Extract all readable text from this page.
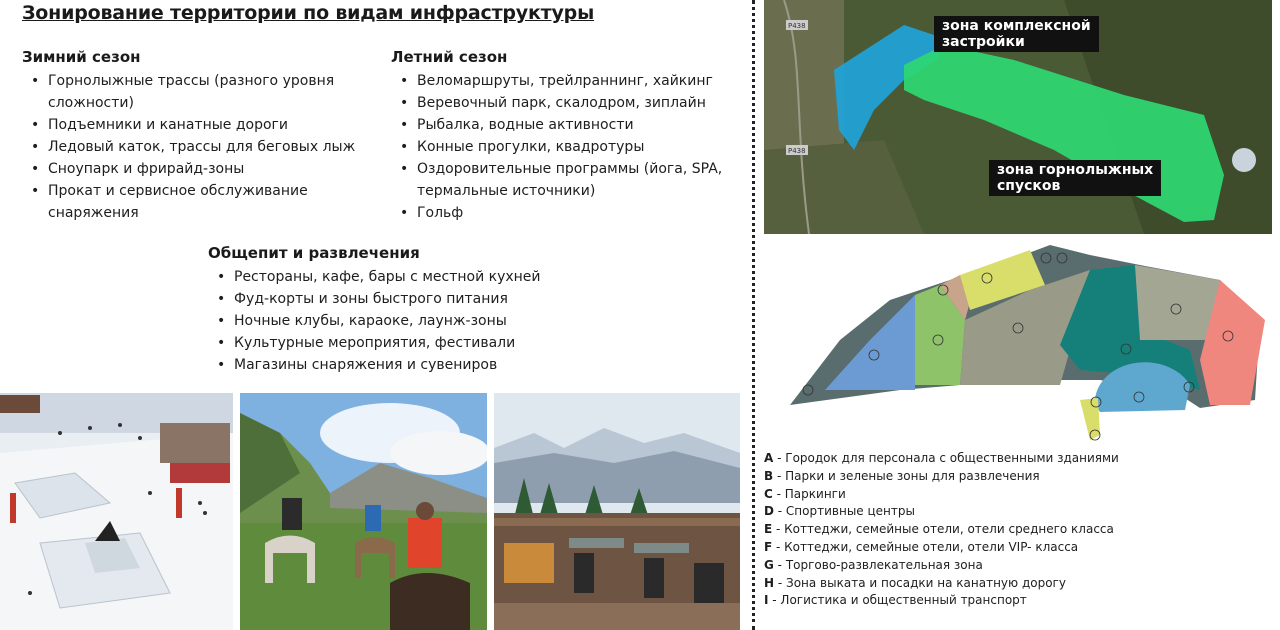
Зонирование территории по видам инфраструктуры
Зимний сезон
• Горнолыжные трассы (разного уровня сложности)
• Подъемники и канатные дороги
• Ледовый каток, трассы для беговых лыж
• Сноупарк и фрирайд-зоны
• Прокат и сервисное обслуживание снаряжения
Летний сезон
• Веломаршруты, трейлраннинг, хайкинг
• Веревочный парк, скалодром, зиплайн
• Рыбалка, водные активности
• Конные прогулки, квадротуры
• Оздоровительные программы (йога, SPA, термальные источники)
• Гольф
Общепит и развлечения
• Рестораны, кафе, бары с местной кухней
• Фуд-корты и зоны быстрого питания
• Ночные клубы, караоке, лаунж-зоны
• Культурные мероприятия, фестивали
• Магазины снаряжения и сувениров
P438
P438
зона комплексной
застройки
зона горнолыжных
спусков
A - Городок для персонала с общественными зданиями
B - Парки и зеленые зоны для развлечения
C - Паркинги
D - Спортивные центры
E - Коттеджи, семейные отели, отели среднего класса
F - Коттеджи, семейные отели, отели VIP- класса
G - Торгово-развлекательная зона
H - Зона выката и посадки на канатную дорогу
I - Логистика и общественный транспорт
